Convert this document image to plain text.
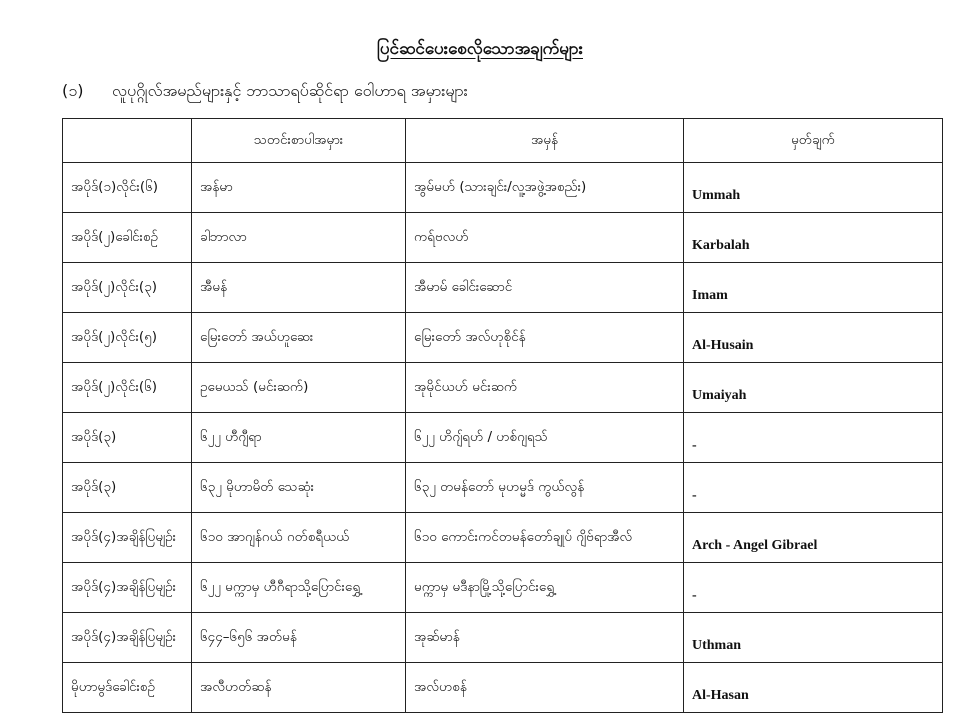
ပြင်ဆင်ပေးစေလိုသောအချက်များ
(၁) လူပုဂ္ဂိုလ်အမည်များနှင့် ဘာသာရပ်ဆိုင်ရာ ဝေါဟာရ အမှားများ
	သတင်းစာပါအမှား	အမှန်	မှတ်ချက်
အပိုဒ်(၁)လိုင်း(၆)	အန်မာ	အွမ်မဟ် (သားချင်း/လူ့အဖွဲ့အစည်း)	Ummah
အပိုဒ်(၂)ခေါင်းစဉ်	ခါဘာလာ	ကရ်ဗလဟ်	Karbalah
အပိုဒ်(၂)လိုင်း(၃)	အီမန်	အီမာမ် ခေါင်းဆောင်	Imam
အပိုဒ်(၂)လိုင်း(၅)	မြေးတော် အယ်ဟူဆေး	မြေးတော် အလ်ဟုစိုင်န်	Al-Husain
အပိုဒ်(၂)လိုင်း(၆)	ဥမေယသ် (မင်းဆက်)	အုမိုင်ယဟ် မင်းဆက်	Umaiyah
အပိုဒ်(၃)	၆၂၂ ဟီဂျီရာ	၆၂၂ ဟိဂျ်ရဟ် / ဟစ်ဂျရသ်	-
အပိုဒ်(၃)	၆၃၂ မိုဟာမိတ် သေဆုံး	၆၃၂ တမန်တော် မုဟမ္မဒ် ကွယ်လွန်	-
အပိုဒ်(၄)အချိန်ပြမျဉ်း	၆၁၀ အာဂျန်ဂယ် ဂတ်စရီယယ်	၆၁၀ ကောင်းကင်တမန်တော်ချုပ် ဂျိဗ်ရာအီလ်	Arch - Angel Gibrael
အပိုဒ်(၄)အချိန်ပြမျဉ်း	၆၂၂ မက္ကာမှ ဟီဂီရာသို့ပြောင်းရွှေ့	မက္ကာမှ မဒီနာမြို့သို့ပြောင်းရွှေ့	-
အပိုဒ်(၄)အချိန်ပြမျဉ်း	၆၄၄–၆၅၆ အတ်မန်	အုဆ်မာန်	Uthman
မိုဟာမွဒ်ခေါင်းစဉ်	အလီဟတ်ဆန်	အလ်ဟစန်	Al-Hasan
